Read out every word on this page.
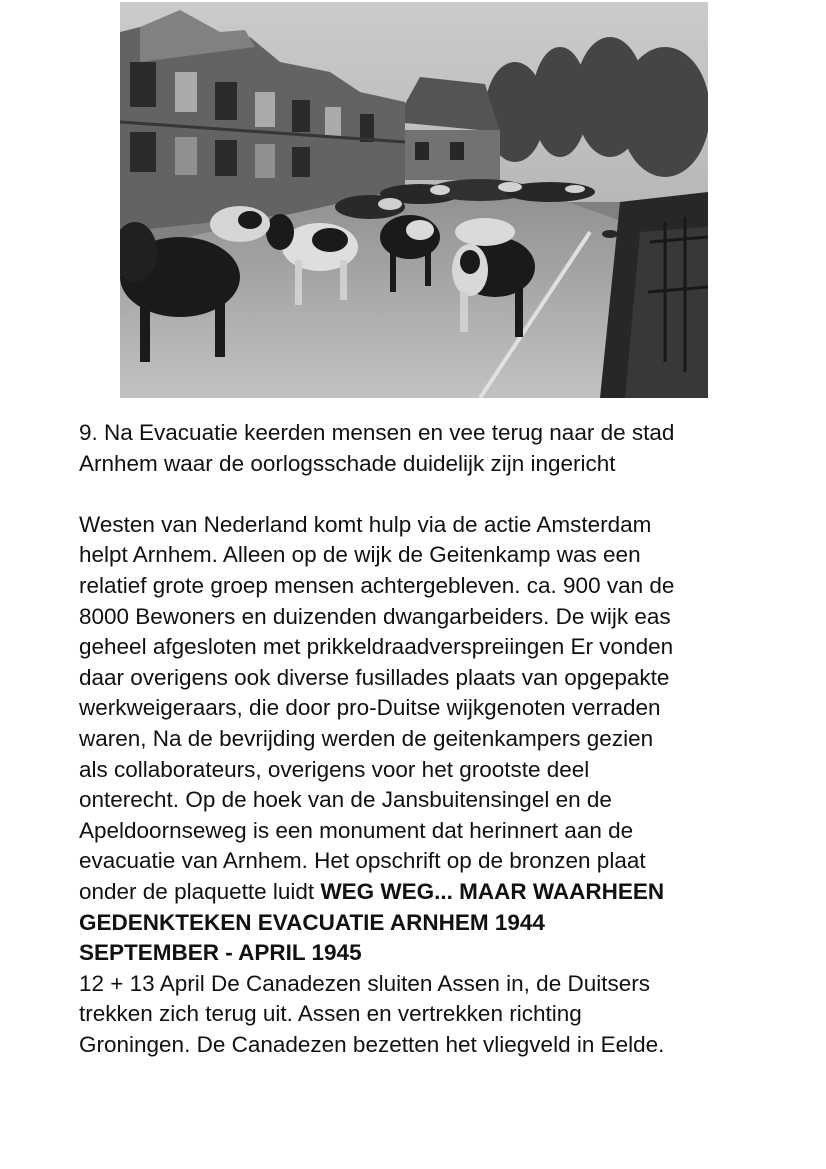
9. Na Evacuatie keerden mensen en vee terug naar de stad
Arnhem waar de oorlogsschade duidelijk zijn ingericht

Westen van Nederland komt hulp via de actie Amsterdam
helpt Arnhem. Alleen op de wijk de Geitenkamp was een
relatief grote groep mensen achtergebleven. ca. 900 van de
8000 Bewoners en duizenden dwangarbeiders. De wijk eas
geheel afgesloten met prikkeldraadverspreiingen Er vonden
daar overigens ook diverse fusillades plaats van opgepakte
werkweigeraars, die door pro-Duitse wijkgenoten verraden
waren, Na de bevrijding werden de geitenkampers gezien
als collaborateurs, overigens voor het grootste deel
onterecht. Op de hoek van de Jansbuitensingel en de
Apeldoornseweg is een monument dat herinnert aan de
evacuatie van Arnhem. Het opschrift op de bronzen plaat
onder de plaquette luidt WEG WEG... MAAR WAARHEEN
GEDENKTEKEN EVACUATIE ARNHEM 1944
SEPTEMBER - APRIL 1945

12 + 13 April De Canadezen sluiten Assen in, de Duitsers
trekken zich terug uit. Assen en vertrekken richting
Groningen. De Canadezen bezetten het vliegveld in Eelde.
